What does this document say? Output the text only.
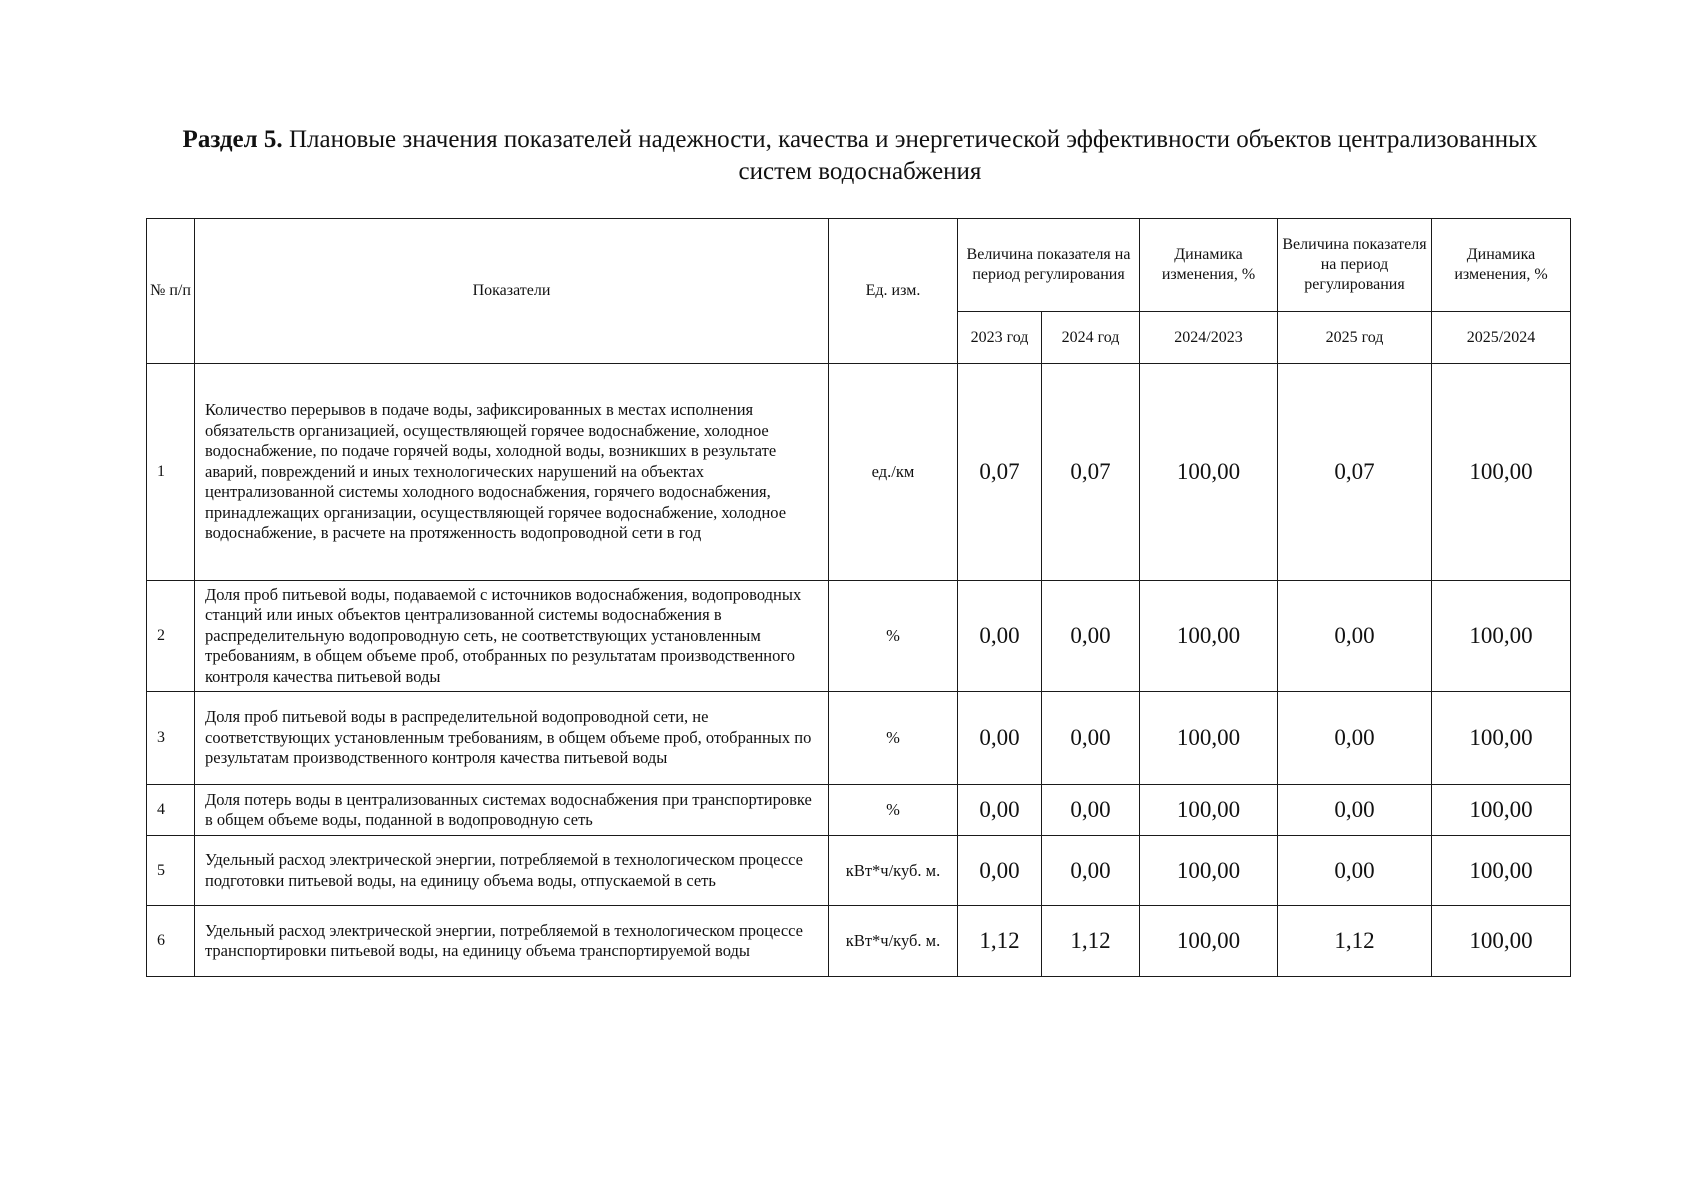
Раздел 5. Плановые значения показателей надежности, качества и энергетической эффективности объектов централизованных систем водоснабжения
№ п/п	Показатели	Ед. изм.	Величина показателя на период регулирования		Динамика изменения, %	Величина показателя на период регулирования	Динамика изменения, %
			2023 год	2024 год	2024/2023	2025 год	2025/2024
1	Количество перерывов в подаче воды, зафиксированных в местах исполнения обязательств организацией, осуществляющей горячее водоснабжение, холодное водоснабжение, по подаче горячей воды, холодной воды, возникших в результате аварий, повреждений и иных технологических нарушений на объектах централизованной системы холодного водоснабжения, горячего водоснабжения, принадлежащих организации, осуществляющей горячее водоснабжение, холодное водоснабжение, в расчете на протяженность водопроводной сети в год	ед./км	0,07	0,07	100,00	0,07	100,00
2	Доля проб питьевой воды, подаваемой с источников водоснабжения, водопроводных станций или иных объектов централизованной системы водоснабжения в распределительную водопроводную сеть, не соответствующих установленным требованиям, в общем объеме проб, отобранных по результатам производственного контроля качества питьевой воды	%	0,00	0,00	100,00	0,00	100,00
3	Доля проб питьевой воды в распределительной водопроводной сети, не соответствующих установленным требованиям, в общем объеме проб, отобранных по результатам производственного контроля качества питьевой воды	%	0,00	0,00	100,00	0,00	100,00
4	Доля потерь воды в централизованных системах водоснабжения при транспортировке в общем объеме воды, поданной в водопроводную сеть	%	0,00	0,00	100,00	0,00	100,00
5	Удельный расход электрической энергии, потребляемой в технологическом процессе подготовки питьевой воды, на единицу объема воды, отпускаемой в сеть	кВт*ч/куб. м.	0,00	0,00	100,00	0,00	100,00
6	Удельный расход электрической энергии, потребляемой в технологическом процессе транспортировки питьевой воды, на единицу объема транспортируемой воды	кВт*ч/куб. м.	1,12	1,12	100,00	1,12	100,00
